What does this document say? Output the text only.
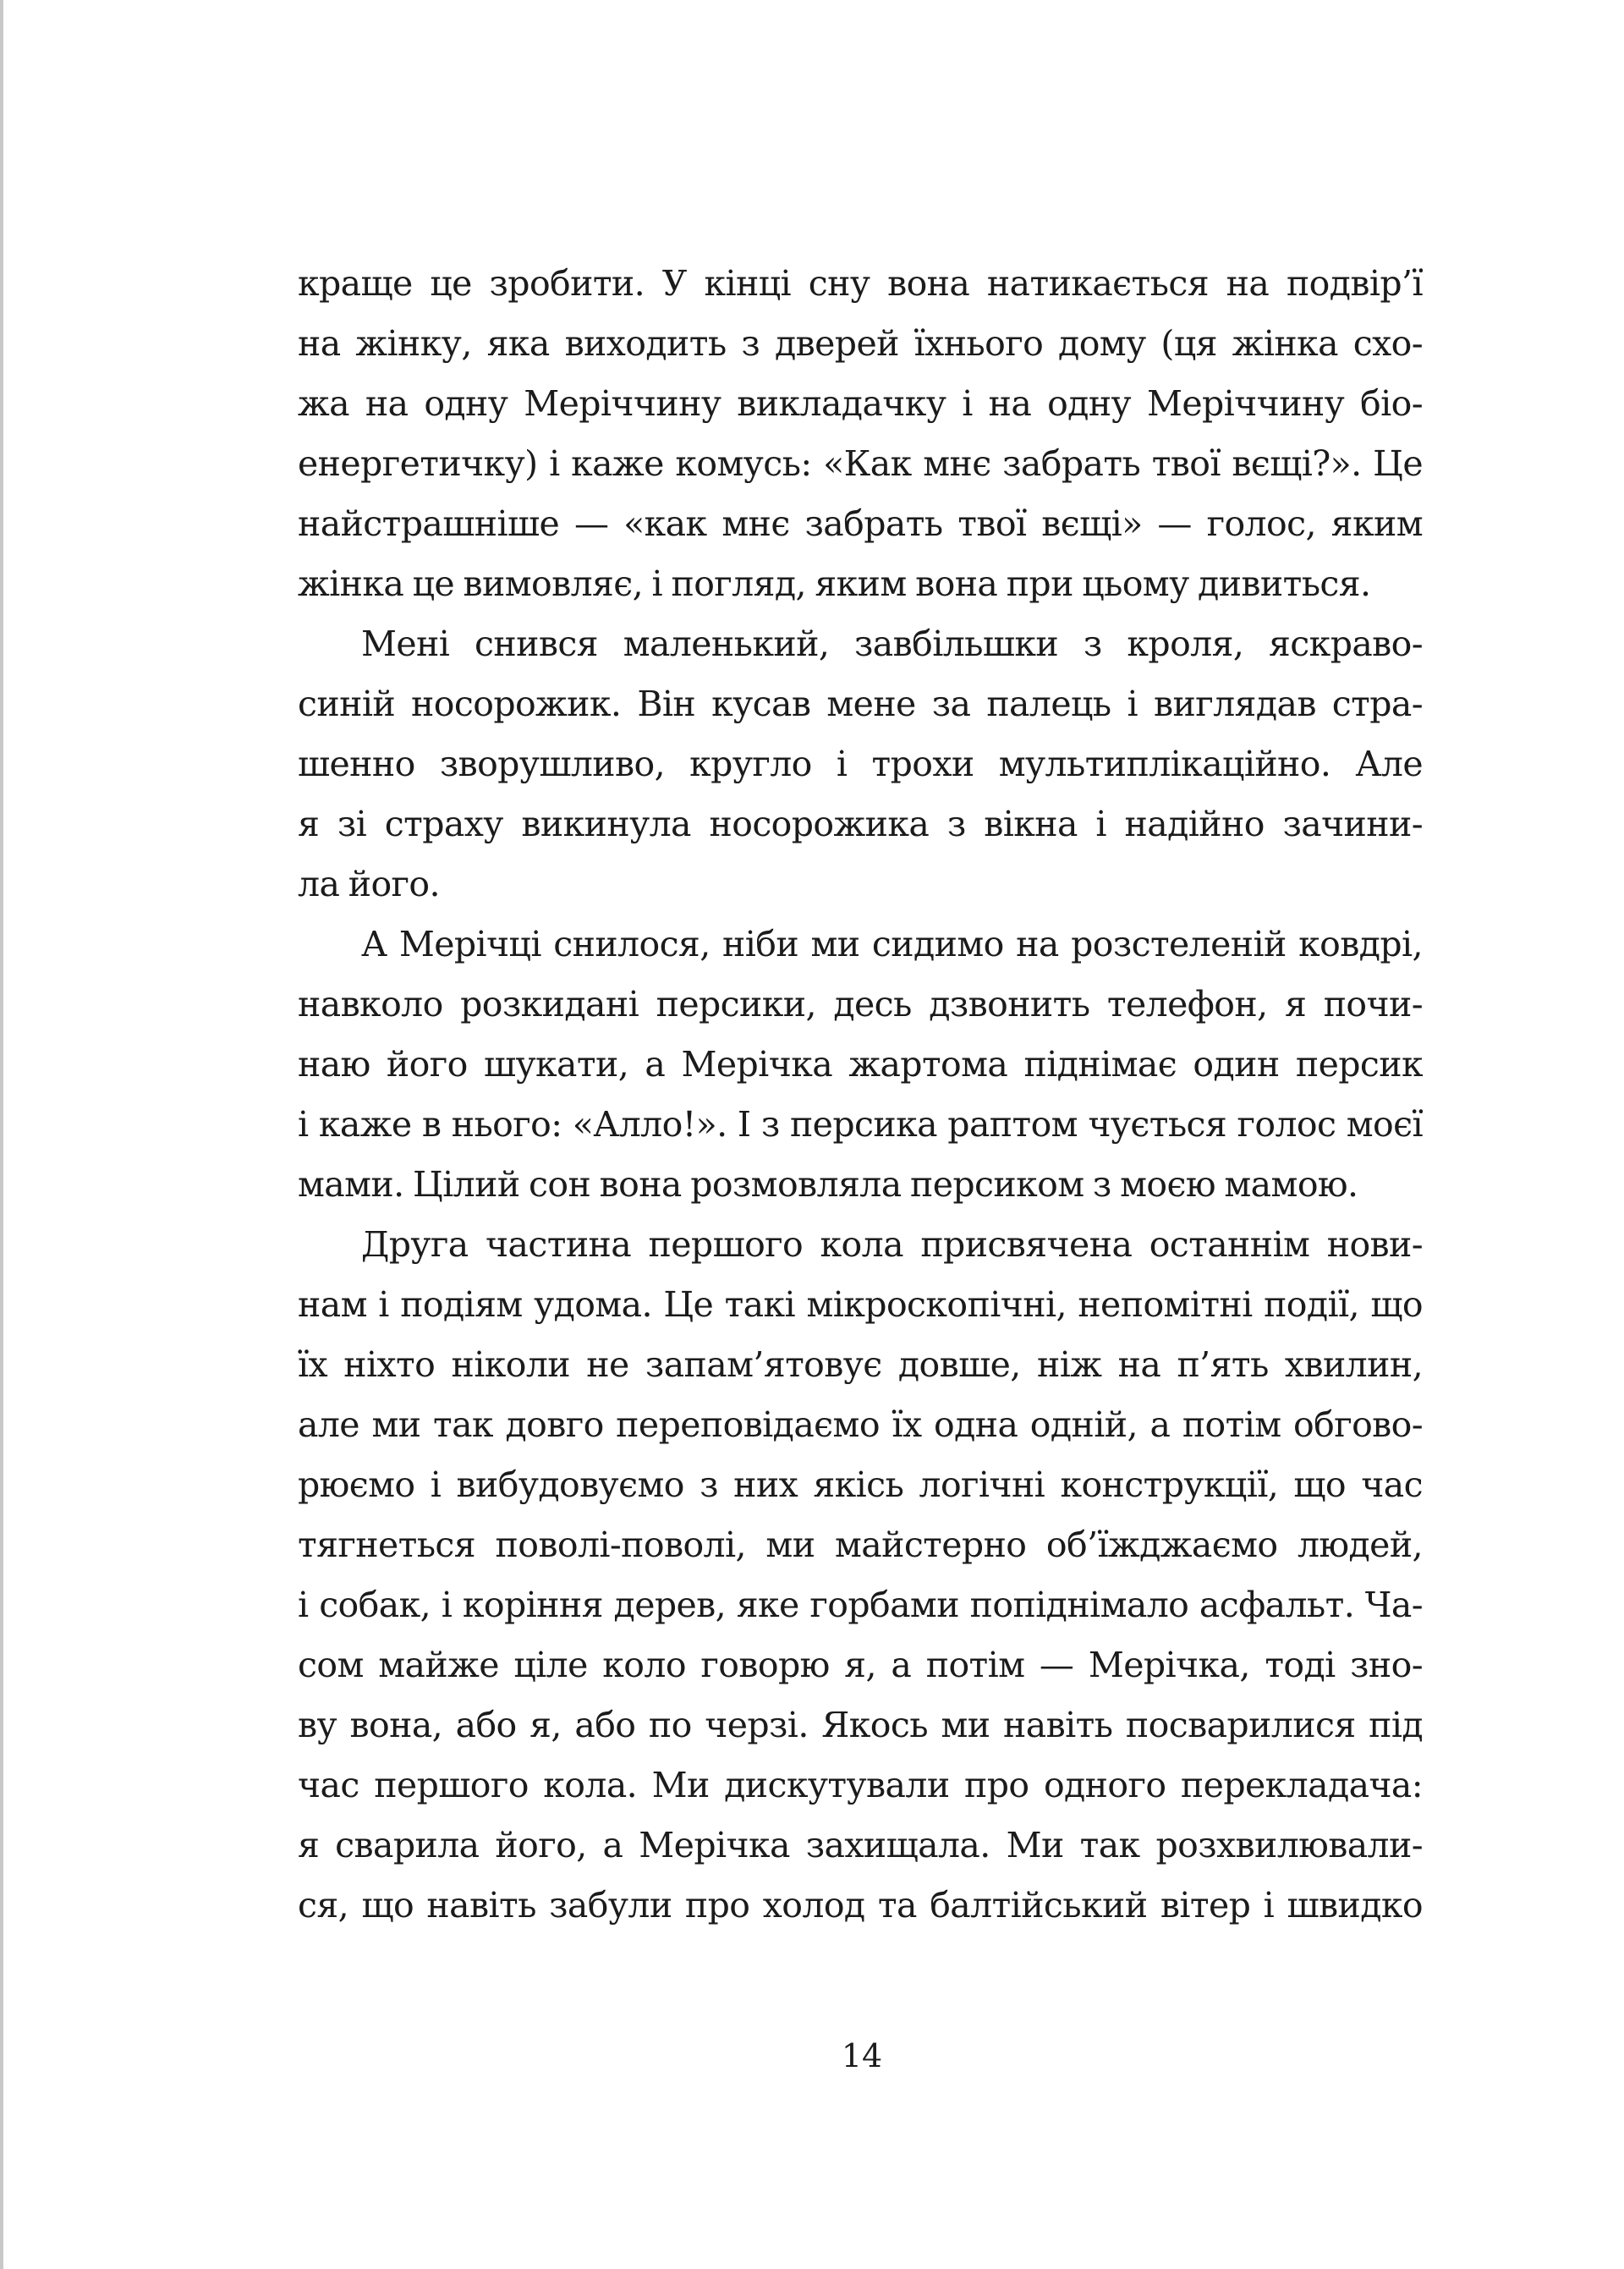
краще це зробити. У кінці сну вона натикається на подвір’ї
на жінку, яка виходить з дверей їхнього дому (ця жінка схо-
жа на одну Меріччину викладачку і на одну Меріччину біо-
енергетичку) і каже комусь: «Как мнє забрать твої вєщі?». Це
найстрашніше — «как мнє забрать твої вєщі» — голос, яким
жінка це вимовляє, і погляд, яким вона при цьому дивиться.
Мені снився маленький, завбільшки з кроля, яскраво-
синій носорожик. Він кусав мене за палець і виглядав стра-
шенно зворушливо, кругло і трохи мультиплікаційно. Але
я зі страху викинула носорожика з вікна і надійно зачини-
ла його.
А Мерічці снилося, ніби ми сидимо на розстеленій ковдрі,
навколо розкидані персики, десь дзвонить телефон, я почи-
наю його шукати, а Мерічка жартома піднімає один персик
і каже в нього: «Алло!». І з персика раптом чується голос моєї
мами. Цілий сон вона розмовляла персиком з моєю мамою.
Друга частина першого кола присвячена останнім нови-
нам і подіям удома. Це такі мікроскопічні, непомітні події, що
їх ніхто ніколи не запам’ятовує довше, ніж на п’ять хвилин,
але ми так довго переповідаємо їх одна одній, а потім обгово-
рюємо і вибудовуємо з них якісь логічні конструкції, що час
тягнеться поволі-поволі, ми майстерно об’їжджаємо людей,
і собак, і коріння дерев, яке горбами попіднімало асфальт. Ча-
сом майже ціле коло говорю я, а потім — Мерічка, тоді зно-
ву вона, або я, або по черзі. Якось ми навіть посварилися під
час першого кола. Ми дискутували про одного перекладача:
я сварила його, а Мерічка захищала. Ми так розхвилювали-
ся, що навіть забули про холод та балтійський вітер і швидко
14
